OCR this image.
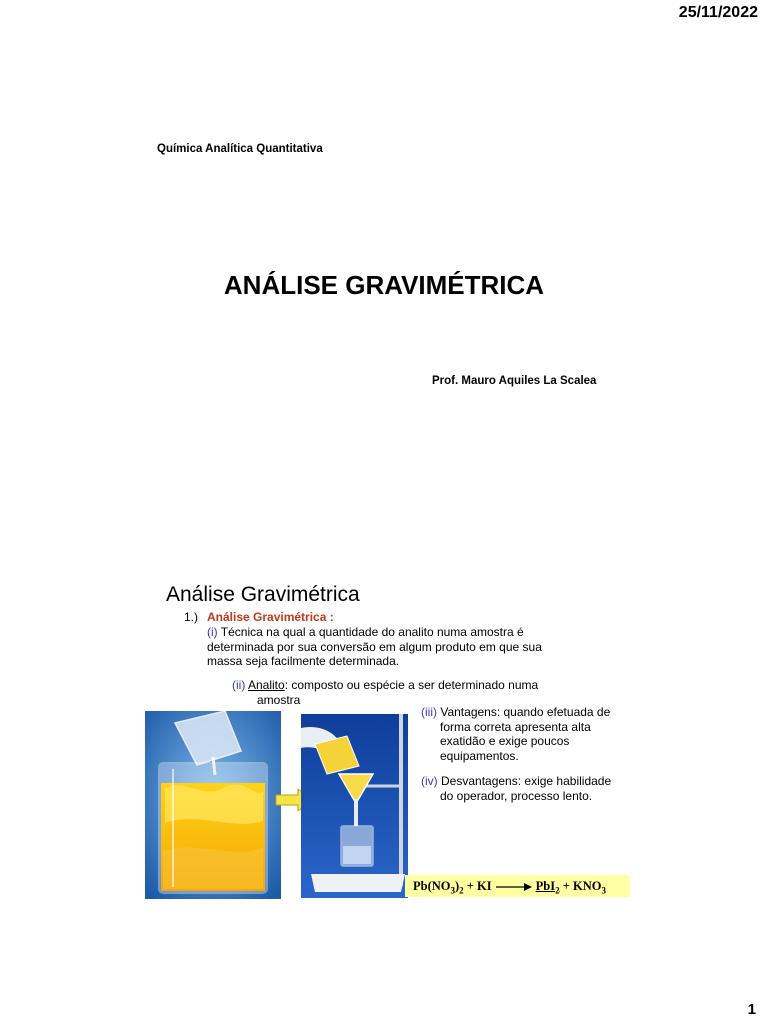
25/11/2022
Química Analítica Quantitativa
ANÁLISE GRAVIMÉTRICA
Prof. Mauro Aquiles La Scalea
Análise Gravimétrica
1.) Análise Gravimétrica :
(i) Técnica na qual a quantidade do analito numa amostra é determinada por sua conversão em algum produto em que sua massa seja facilmente determinada.
(ii) Analito: composto ou espécie a ser determinado numa
amostra
(iii) Vantagens: quando efetuada de
forma correta apresenta alta exatidão e exige poucos equipamentos.
(iv) Desvantagens: exige habilidade
do operador, processo lento.
$Pb(NO_3)_2$ + KI → $PbI_2 + KNO_3$
1
